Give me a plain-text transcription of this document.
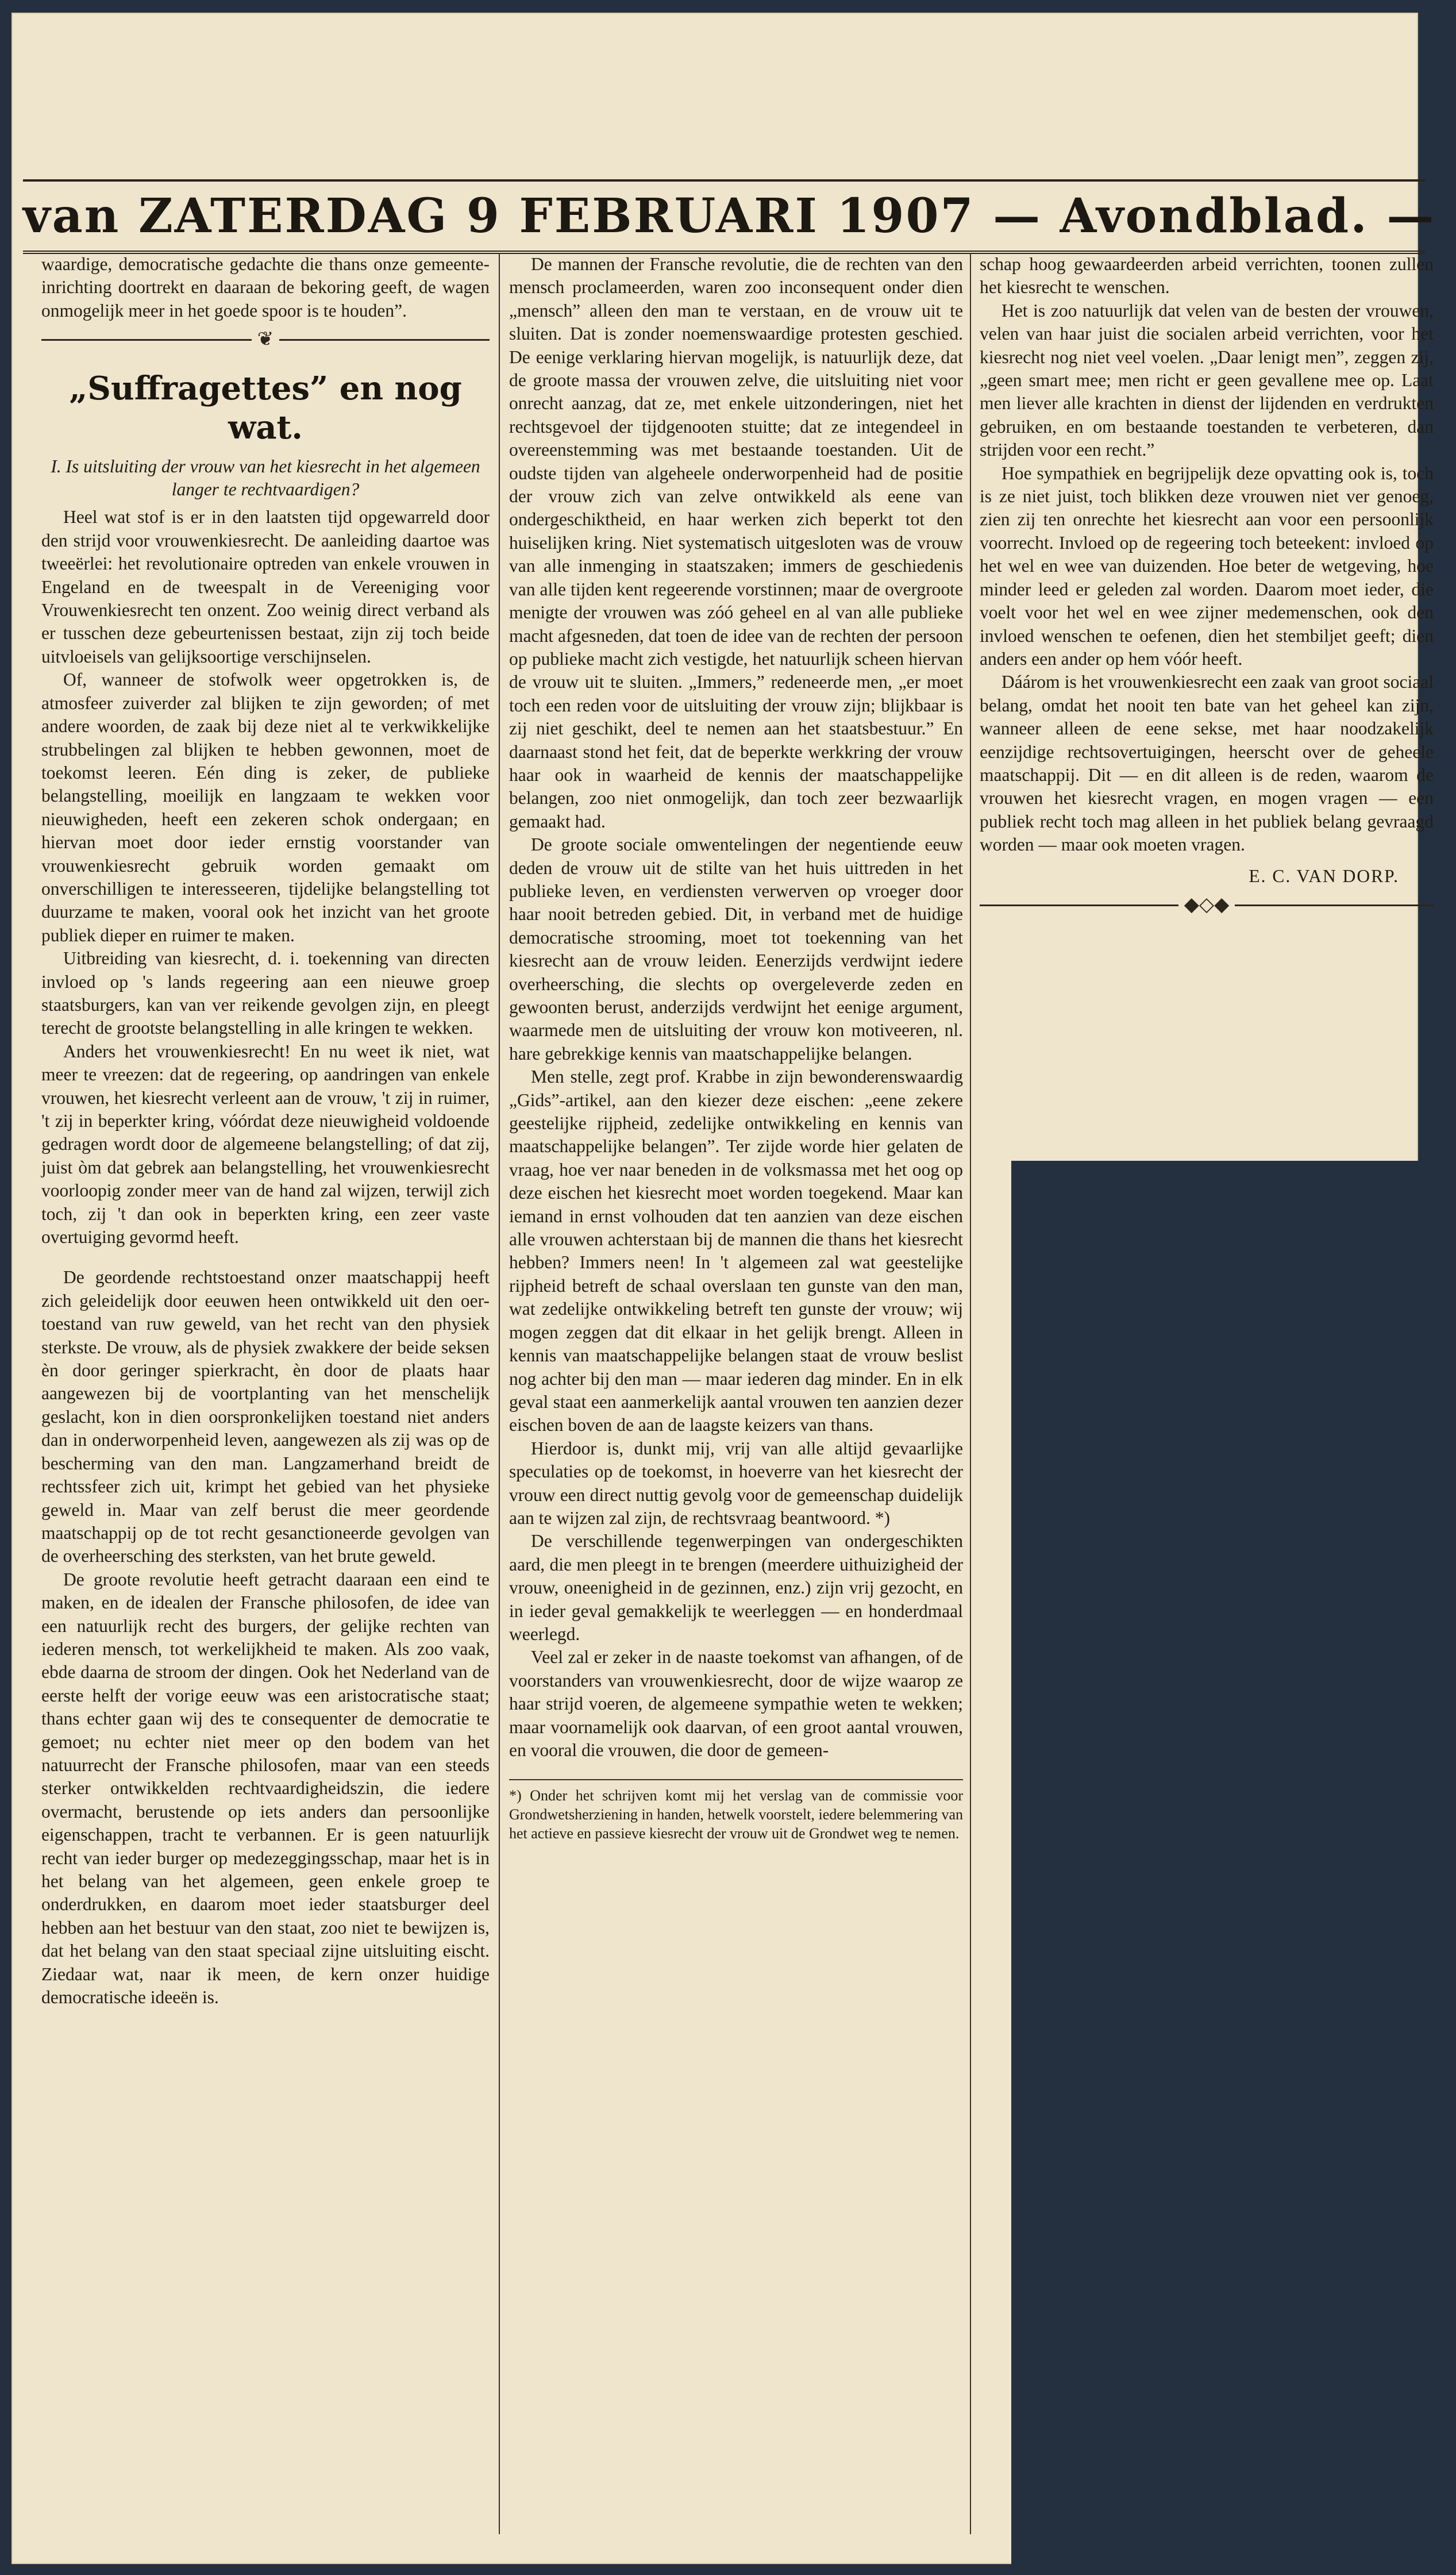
van ZATERDAG 9 FEBRUARI 1907 — Avondblad. —

waardige, democratische gedachte die thans onze gemeente-inrichting doortrekt en daaraan de bekoring geeft, de wagen onmogelijk meer in het goede spoor is te houden”.

❦
„Suffragettes” en nog wat.
I. Is uitsluiting der vrouw van het kiesrecht in het algemeen langer te rechtvaardigen?

Heel wat stof is er in den laatsten tijd opgewarreld door den strijd voor vrouwenkiesrecht. De aanleiding daartoe was tweeërlei: het revolutionaire optreden van enkele vrouwen in Engeland en de tweespalt in de Vereeniging voor Vrouwenkiesrecht ten onzent. Zoo weinig direct verband als er tusschen deze gebeurtenissen bestaat, zijn zij toch beide uitvloeisels van gelijksoortige verschijnselen.

Of, wanneer de stofwolk weer opgetrokken is, de atmosfeer zuiverder zal blijken te zijn geworden; of met andere woorden, de zaak bij deze niet al te verkwikkelijke strubbelingen zal blijken te hebben gewonnen, moet de toekomst leeren. Eén ding is zeker, de publieke belangstelling, moeilijk en langzaam te wekken voor nieuwigheden, heeft een zekeren schok ondergaan; en hiervan moet door ieder ernstig voorstander van vrouwenkiesrecht gebruik worden gemaakt om onverschilligen te interesseeren, tijdelijke belangstelling tot duurzame te maken, vooral ook het inzicht van het groote publiek dieper en ruimer te maken.

Uitbreiding van kiesrecht, d. i. toekenning van directen invloed op 's lands regeering aan een nieuwe groep staatsburgers, kan van ver reikende gevolgen zijn, en pleegt terecht de grootste belangstelling in alle kringen te wekken.

Anders het vrouwenkiesrecht! En nu weet ik niet, wat meer te vreezen: dat de regeering, op aandringen van enkele vrouwen, het kiesrecht verleent aan de vrouw, 't zij in ruimer, 't zij in beperkter kring, vóórdat deze nieuwigheid voldoende gedragen wordt door de algemeene belangstelling; of dat zij, juist òm dat gebrek aan belangstelling, het vrouwenkiesrecht voorloopig zonder meer van de hand zal wijzen, terwijl zich toch, zij 't dan ook in beperkten kring, een zeer vaste overtuiging gevormd heeft.

De geordende rechtstoestand onzer maatschappij heeft zich geleidelijk door eeuwen heen ontwikkeld uit den oer-toestand van ruw geweld, van het recht van den physiek sterkste. De vrouw, als de physiek zwakkere der beide seksen èn door geringer spierkracht, èn door de plaats haar aangewezen bij de voortplanting van het menschelijk geslacht, kon in dien oorspronkelijken toestand niet anders dan in onderworpenheid leven, aangewezen als zij was op de bescherming van den man. Langzamerhand breidt de rechtssfeer zich uit, krimpt het gebied van het physieke geweld in. Maar van zelf berust die meer geordende maatschappij op de tot recht gesanctioneerde gevolgen van de overheersching des sterksten, van het brute geweld.

De groote revolutie heeft getracht daaraan een eind te maken, en de idealen der Fransche philosofen, de idee van een natuurlijk recht des burgers, der gelijke rechten van iederen mensch, tot werkelijkheid te maken. Als zoo vaak, ebde daarna de stroom der dingen. Ook het Nederland van de eerste helft der vorige eeuw was een aristocratische staat; thans echter gaan wij des te consequenter de democratie te gemoet; nu echter niet meer op den bodem van het natuurrecht der Fransche philosofen, maar van een steeds sterker ontwikkelden rechtvaardigheidszin, die iedere overmacht, berustende op iets anders dan persoonlijke eigenschappen, tracht te verbannen. Er is geen natuurlijk recht van ieder burger op medezeggingsschap, maar het is in het belang van het algemeen, geen enkele groep te onderdrukken, en daarom moet ieder staatsburger deel hebben aan het bestuur van den staat, zoo niet te bewijzen is, dat het belang van den staat speciaal zijne uitsluiting eischt. Ziedaar wat, naar ik meen, de kern onzer huidige democratische ideeën is.

De mannen der Fransche revolutie, die de rechten van den mensch proclameerden, waren zoo inconsequent onder dien „mensch” alleen den man te verstaan, en de vrouw uit te sluiten. Dat is zonder noemenswaardige protesten geschied. De eenige verklaring hiervan mogelijk, is natuurlijk deze, dat de groote massa der vrouwen zelve, die uitsluiting niet voor onrecht aanzag, dat ze, met enkele uitzonderingen, niet het rechtsgevoel der tijdgenooten stuitte; dat ze integendeel in overeenstemming was met bestaande toestanden. Uit de oudste tijden van algeheele onderworpenheid had de positie der vrouw zich van zelve ontwikkeld als eene van ondergeschiktheid, en haar werken zich beperkt tot den huiselijken kring. Niet systematisch uitgesloten was de vrouw van alle inmenging in staatszaken; immers de geschiedenis van alle tijden kent regeerende vorstinnen; maar de overgroote menigte der vrouwen was zóó geheel en al van alle publieke macht afgesneden, dat toen de idee van de rechten der persoon op publieke macht zich vestigde, het natuurlijk scheen hiervan de vrouw uit te sluiten. „Immers,” redeneerde men, „er moet toch een reden voor de uitsluiting der vrouw zijn; blijkbaar is zij niet geschikt, deel te nemen aan het staatsbestuur.” En daarnaast stond het feit, dat de beperkte werkkring der vrouw haar ook in waarheid de kennis der maatschappelijke belangen, zoo niet onmogelijk, dan toch zeer bezwaarlijk gemaakt had.

De groote sociale omwentelingen der negentiende eeuw deden de vrouw uit de stilte van het huis uittreden in het publieke leven, en verdiensten verwerven op vroeger door haar nooit betreden gebied. Dit, in verband met de huidige democratische strooming, moet tot toekenning van het kiesrecht aan de vrouw leiden. Eenerzijds verdwijnt iedere overheersching, die slechts op overgeleverde zeden en gewoonten berust, anderzijds verdwijnt het eenige argument, waarmede men de uitsluiting der vrouw kon motiveeren, nl. hare gebrekkige kennis van maatschappelijke belangen.

Men stelle, zegt prof. Krabbe in zijn bewonderenswaardig „Gids”-artikel, aan den kiezer deze eischen: „eene zekere geestelijke rijpheid, zedelijke ontwikkeling en kennis van maatschappelijke belangen”. Ter zijde worde hier gelaten de vraag, hoe ver naar beneden in de volksmassa met het oog op deze eischen het kiesrecht moet worden toegekend. Maar kan iemand in ernst volhouden dat ten aanzien van deze eischen alle vrouwen achterstaan bij de mannen die thans het kiesrecht hebben? Immers neen! In 't algemeen zal wat geestelijke rijpheid betreft de schaal overslaan ten gunste van den man, wat zedelijke ontwikkeling betreft ten gunste der vrouw; wij mogen zeggen dat dit elkaar in het gelijk brengt. Alleen in kennis van maatschappelijke belangen staat de vrouw beslist nog achter bij den man — maar iederen dag minder. En in elk geval staat een aanmerkelijk aantal vrouwen ten aanzien dezer eischen boven de aan de laagste keizers van thans.

Hierdoor is, dunkt mij, vrij van alle altijd gevaarlijke speculaties op de toekomst, in hoeverre van het kiesrecht der vrouw een direct nuttig gevolg voor de gemeenschap duidelijk aan te wijzen zal zijn, de rechtsvraag beantwoord. *)

De verschillende tegenwerpingen van ondergeschikten aard, die men pleegt in te brengen (meerdere uithuizigheid der vrouw, oneenigheid in de gezinnen, enz.) zijn vrij gezocht, en in ieder geval gemakkelijk te weerleggen — en honderdmaal weerlegd.

Veel zal er zeker in de naaste toekomst van afhangen, of de voorstanders van vrouwenkiesrecht, door de wijze waarop ze haar strijd voeren, de algemeene sympathie weten te wekken; maar voornamelijk ook daarvan, of een groot aantal vrouwen, en vooral die vrouwen, die door de gemeen-

*) Onder het schrijven komt mij het verslag van de commissie voor Grondwetsherziening in handen, hetwelk voorstelt, iedere belemmering van het actieve en passieve kiesrecht der vrouw uit de Grondwet weg te nemen.

schap hoog gewaardeerden arbeid verrichten, toonen zullen het kiesrecht te wenschen.

Het is zoo natuurlijk dat velen van de besten der vrouwen, velen van haar juist die socialen arbeid verrichten, voor het kiesrecht nog niet veel voelen. „Daar lenigt men”, zeggen zij, „geen smart mee; men richt er geen gevallene mee op. Laat men liever alle krachten in dienst der lijdenden en verdrukten gebruiken, en om bestaande toestanden te verbeteren, dan strijden voor een recht.”

Hoe sympathiek en begrijpelijk deze opvatting ook is, toch is ze niet juist, toch blikken deze vrouwen niet ver genoeg, zien zij ten onrechte het kiesrecht aan voor een persoonlijk voorrecht. Invloed op de regeering toch beteekent: invloed op het wel en wee van duizenden. Hoe beter de wetgeving, hoe minder leed er geleden zal worden. Daarom moet ieder, die voelt voor het wel en wee zijner medemenschen, ook den invloed wenschen te oefenen, dien het stembiljet geeft; dien anders een ander op hem vóór heeft.

Dáárom is het vrouwenkiesrecht een zaak van groot sociaal belang, omdat het nooit ten bate van het geheel kan zijn, wanneer alleen de eene sekse, met haar noodzakelijk eenzijdige rechtsovertuigingen, heerscht over de geheele maatschappij. Dit — en dit alleen is de reden, waarom de vrouwen het kiesrecht vragen, en mogen vragen — een publiek recht toch mag alleen in het publiek belang gevraagd worden — maar ook moeten vragen.

E. C. VAN DORP.
◆◇◆
